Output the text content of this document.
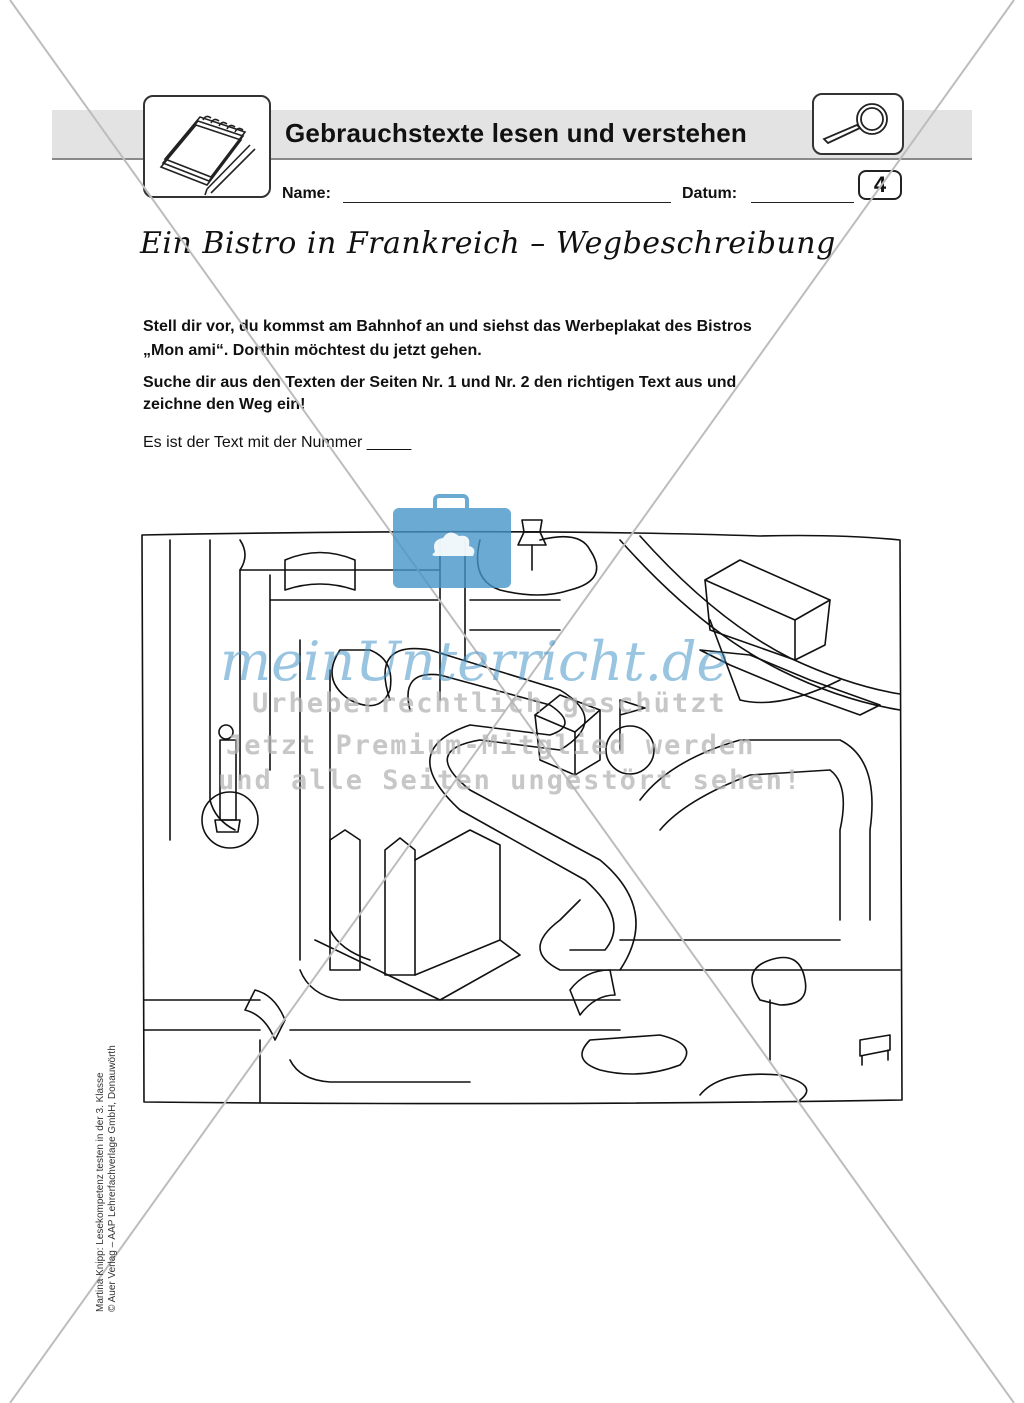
Gebrauchstexte lesen und verstehen
Name:	Datum:	4
Ein Bistro in Frankreich – Wegbeschreibung
Stell dir vor, du kommst am Bahnhof an und siehst das Werbeplakat des Bistros
„Mon ami“. Dorthin möchtest du jetzt gehen.
Suche dir aus den Texten der Seiten Nr. 1 und Nr. 2 den richtigen Text aus und
zeichne den Weg ein!
Es ist der Text mit der Nummer _____
meinUnterricht.de
Urheberrechtlich geschützt
Jetzt Premium-Mitglied werden
und alle Seiten ungestört sehen!
Martina Knipp: Lesekompetenz testen in der 3. Klasse © Auer Verlag – AAP Lehrerfachverlage GmbH, Donauwörth
